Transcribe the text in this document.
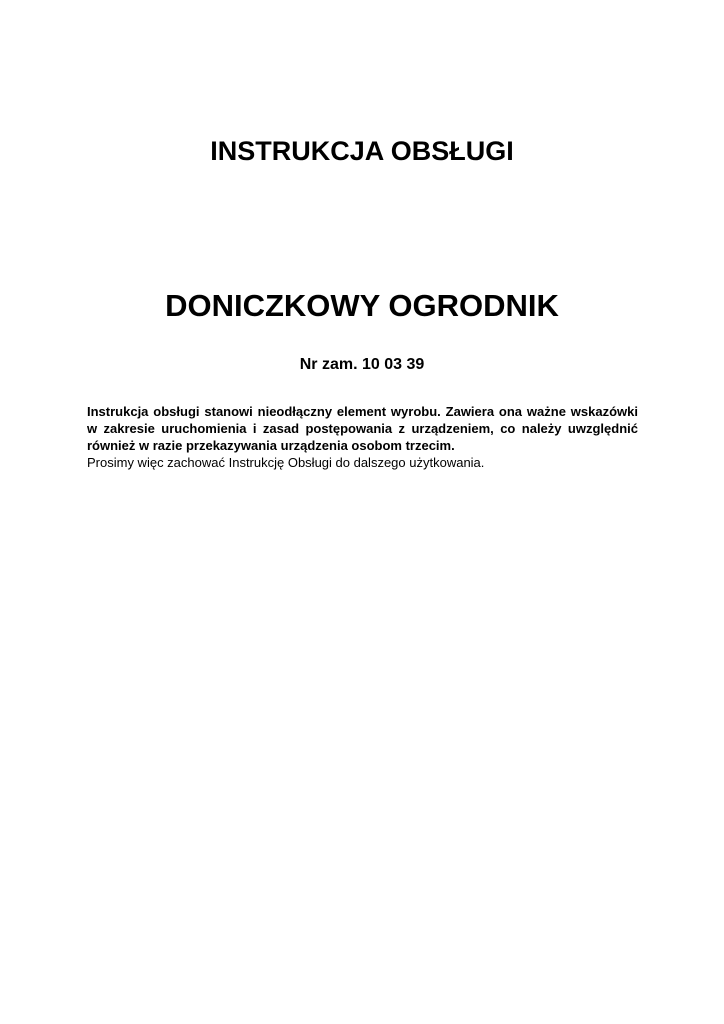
INSTRUKCJA OBSŁUGI
DONICZKOWY OGRODNIK

Nr zam. 10 03 39

Instrukcja obsługi stanowi nieodłączny element wyrobu. Zawiera ona ważne wskazówki w zakresie uruchomienia i zasad postępowania z urządzeniem, co należy uwzględnić również w razie przekazywania urządzenia osobom trzecim.
Prosimy więc zachować Instrukcję Obsługi do dalszego użytkowania.
